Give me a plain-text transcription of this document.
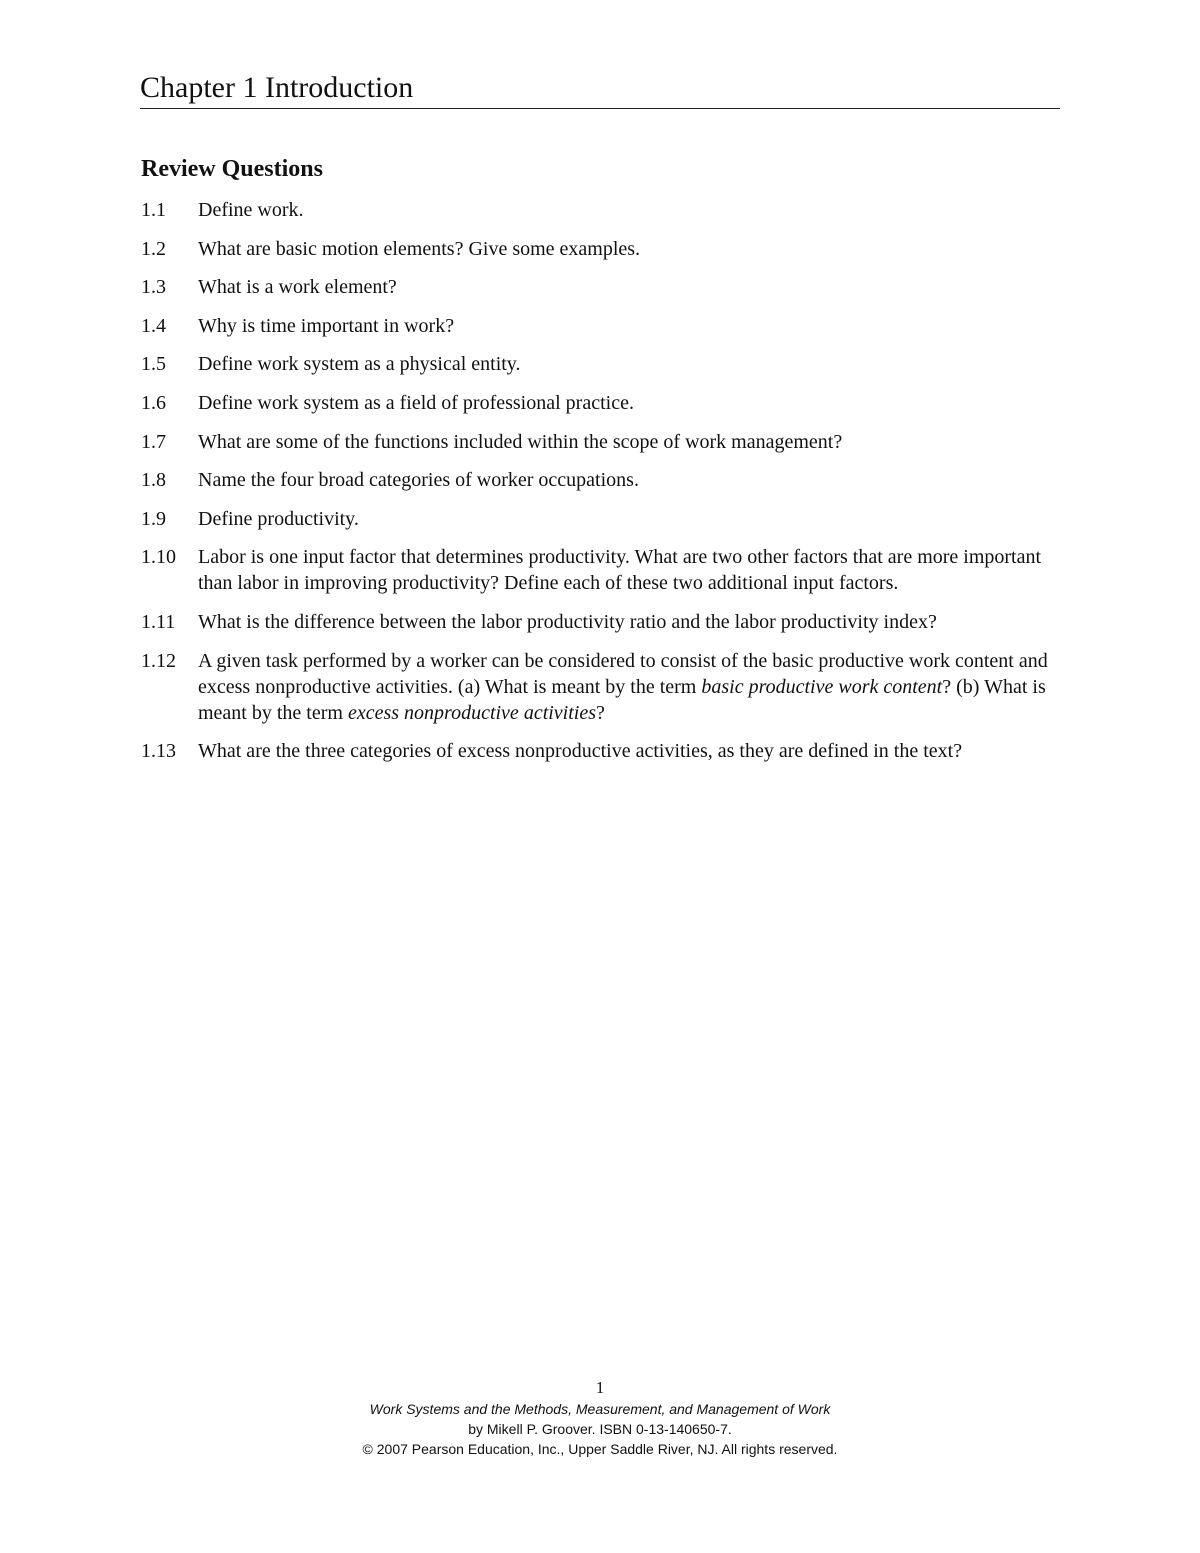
Chapter 1 Introduction
Review Questions
1.1	Define work.
1.2	What are basic motion elements? Give some examples.
1.3	What is a work element?
1.4	Why is time important in work?
1.5	Define work system as a physical entity.
1.6	Define work system as a field of professional practice.
1.7	What are some of the functions included within the scope of work management?
1.8	Name the four broad categories of worker occupations.
1.9	Define productivity.
1.10	Labor is one input factor that determines productivity. What are two other factors that are more important than labor in improving productivity? Define each of these two additional input factors.
1.11	What is the difference between the labor productivity ratio and the labor productivity index?
1.12	A given task performed by a worker can be considered to consist of the basic productive work content and excess nonproductive activities. (a) What is meant by the term basic productive work content? (b) What is meant by the term excess nonproductive activities?
1.13	What are the three categories of excess nonproductive activities, as they are defined in the text?
1
Work Systems and the Methods, Measurement, and Management of Work
by Mikell P. Groover. ISBN 0-13-140650-7.
© 2007 Pearson Education, Inc., Upper Saddle River, NJ. All rights reserved.
